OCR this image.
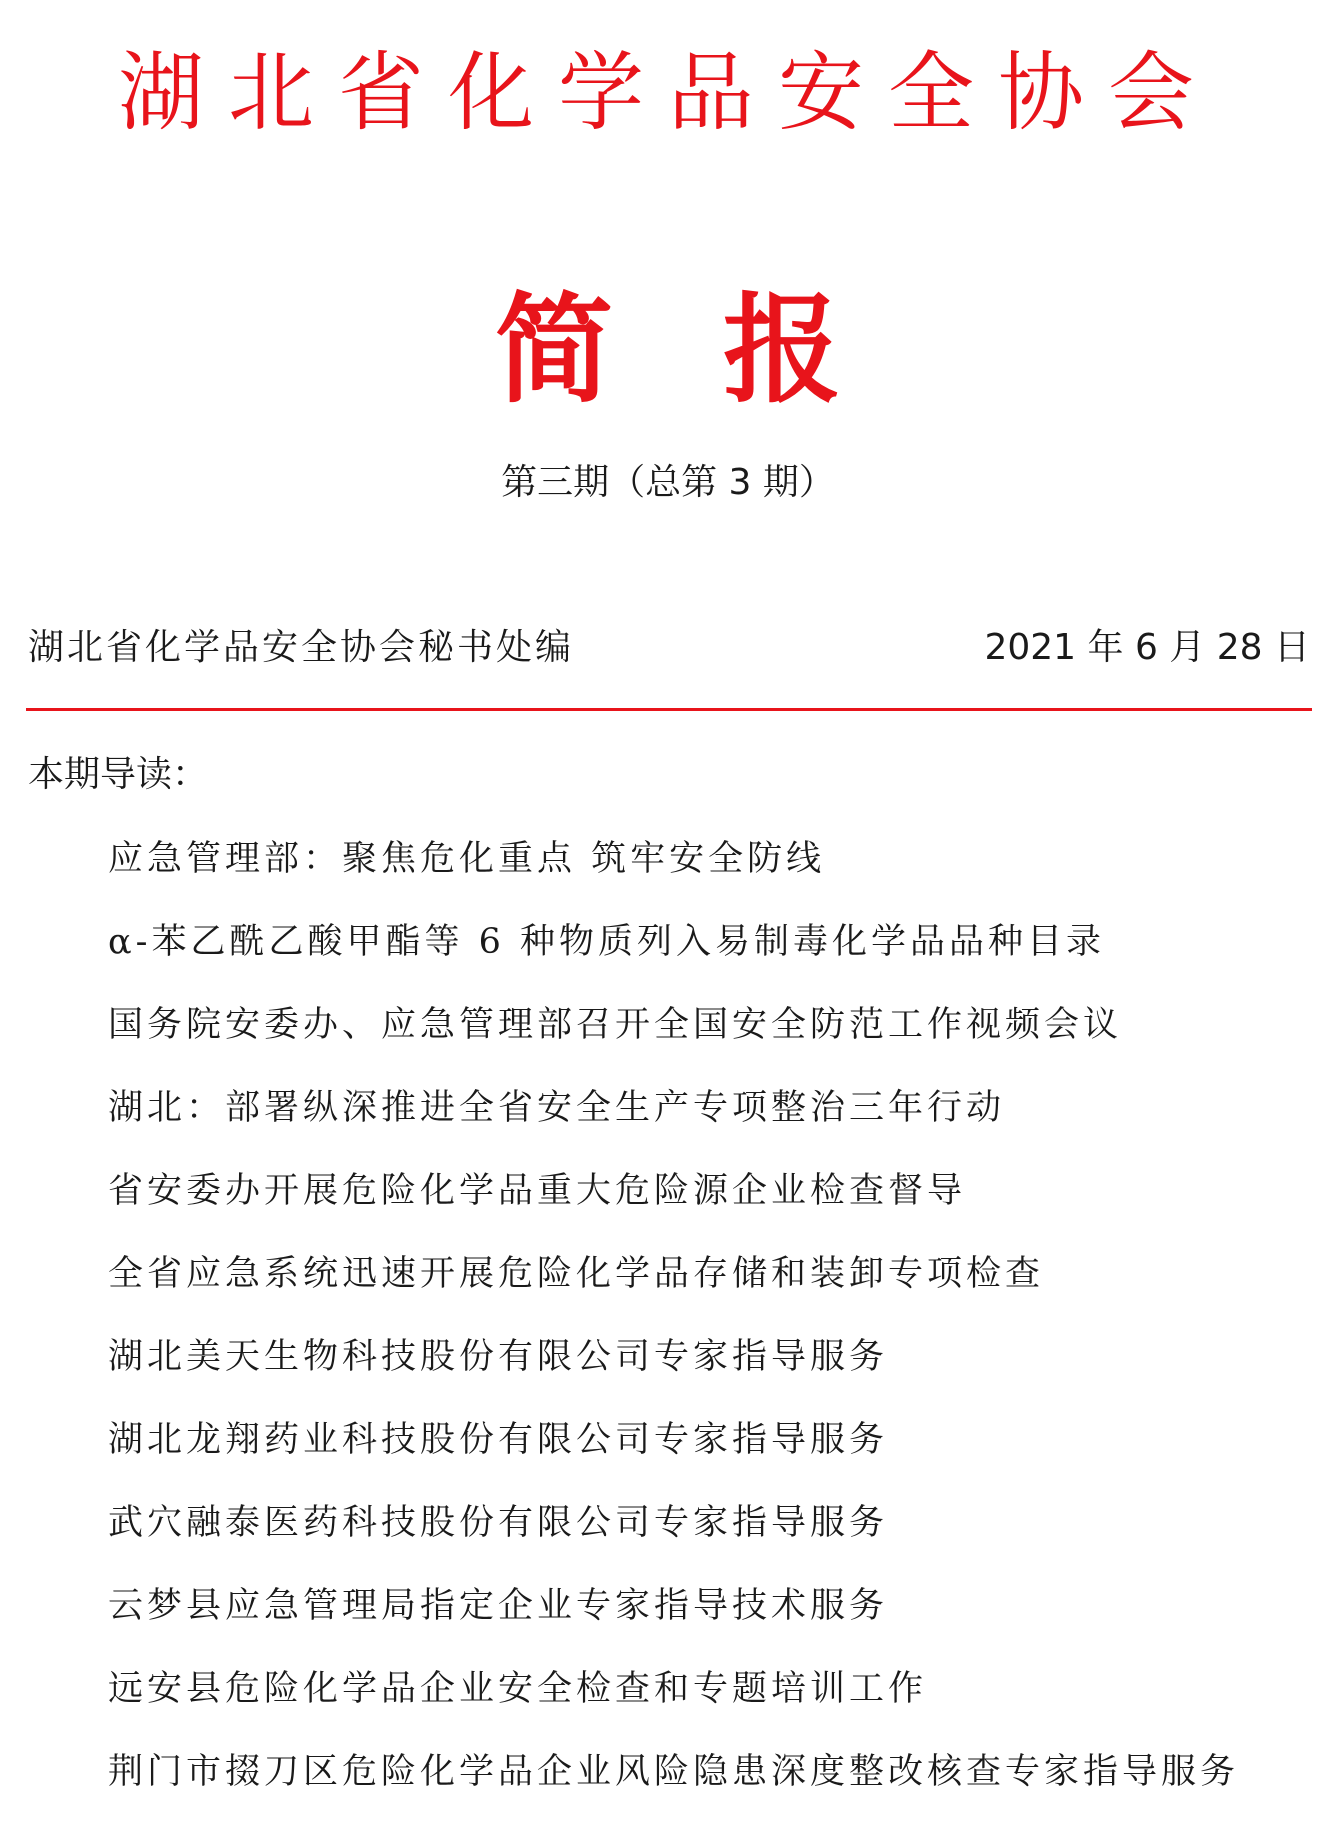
湖北省化学品安全协会
简报
第三期（总第 3 期）
湖北省化学品安全协会秘书处编	2021 年 6 月 28 日
本期导读：
应急管理部：聚焦危化重点 筑牢安全防线
α-苯乙酰乙酸甲酯等 6 种物质列入易制毒化学品品种目录
国务院安委办、应急管理部召开全国安全防范工作视频会议
湖北：部署纵深推进全省安全生产专项整治三年行动
省安委办开展危险化学品重大危险源企业检查督导
全省应急系统迅速开展危险化学品存储和装卸专项检查
湖北美天生物科技股份有限公司专家指导服务
湖北龙翔药业科技股份有限公司专家指导服务
武穴融泰医药科技股份有限公司专家指导服务
云梦县应急管理局指定企业专家指导技术服务
远安县危险化学品企业安全检查和专题培训工作
荆门市掇刀区危险化学品企业风险隐患深度整改核查专家指导服务
